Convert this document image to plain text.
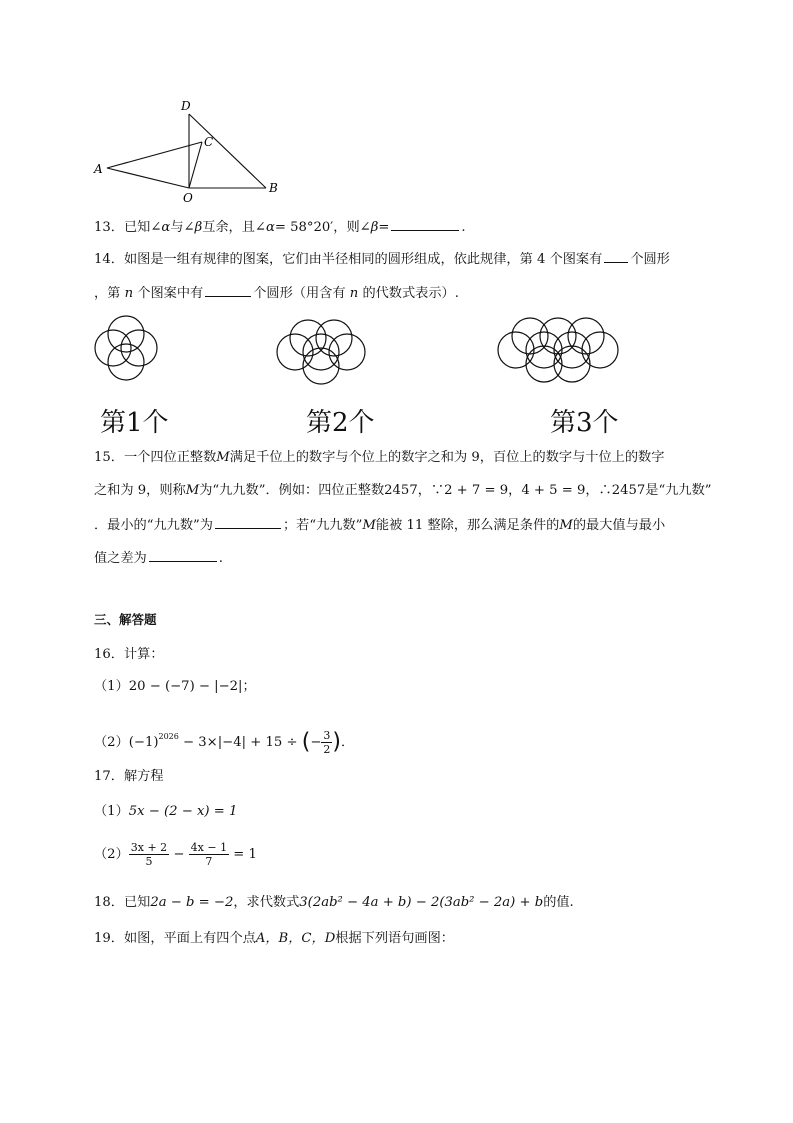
D
C
A
O
B
13．已知∠α与∠β互余，且∠α= 58°20′，则∠β=	.
14．如图是一组有规律的图案，它们由半径相同的圆形组成，依此规律，第 4 个图案有 个圆形
，第 n 个图案中有	个圆形（用含有 n 的代数式表示）.
第1个	第2个	第3个
15．一个四位正整数M满足千位上的数字与个位上的数字之和为 9，百位上的数字与十位上的数字
之和为 9，则称M为“九九数”．例如：四位正整数2457，∵2 + 7 = 9，4 + 5 = 9，∴2457是“九九数”
．最小的“九九数”为	；若“九九数”M能被 11 整除，那么满足条件的M的最大值与最小
值之差为	.
三、解答题
16．计算：
（1）20 − (−7) − |−2|；
$(2)(-1)^{2026} - 3\times|-4| + 15$ ÷ (− $\frac{3}{2}$ )．
17．解方程
（1）5x − (2 − x) = 1
$(2) \frac{3x + 2}{5} - \frac{4x - 1}{7} = 1$
18．已知2a − b = −2，求代数式3(2ab² − 4a + b) − 2(3ab² − 2a) + b的值.
19．如图，平面上有四个点A，B，C，D根据下列语句画图：
